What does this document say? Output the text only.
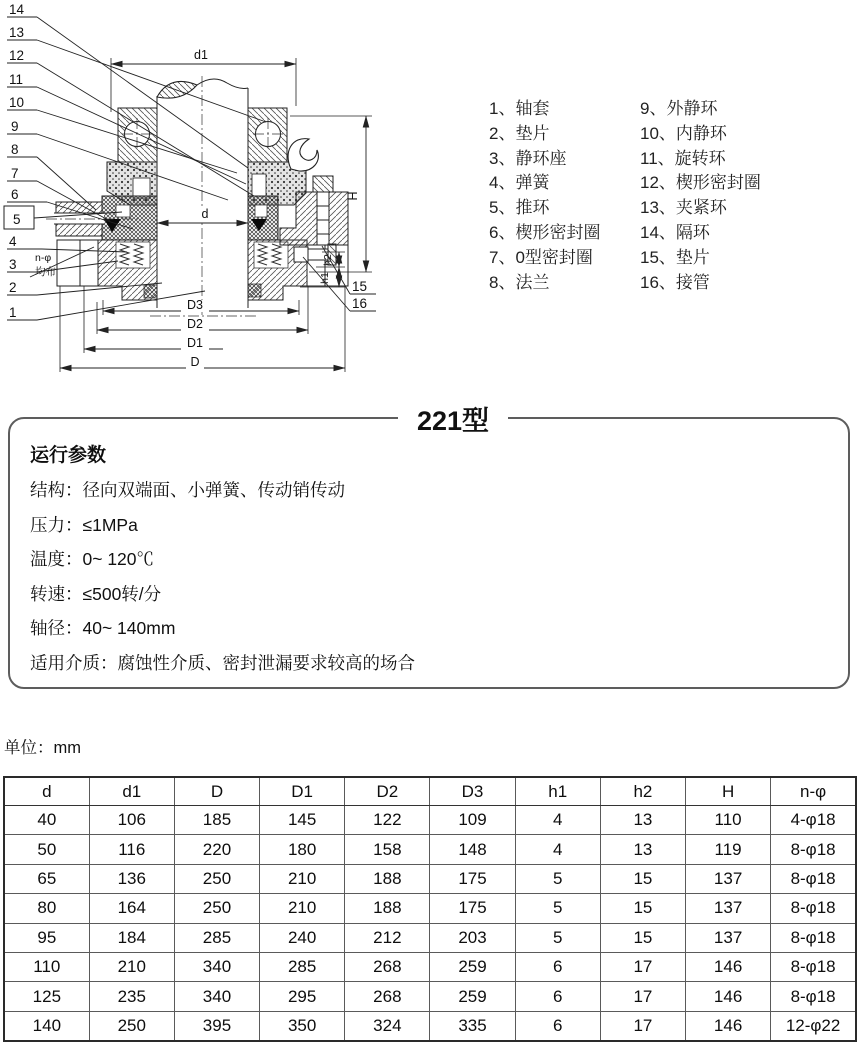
d1
d
H
h2
h1
D3
D2
D1
D
14
13
12
11
10
9
8
7
6
5
4
3
2
1
n-φ
均布
15
16
1、轴套
2、垫片
3、静环座
4、弹簧
5、推环
6、楔形密封圈
7、0型密封圈
8、法兰
9、外静环
10、内静环
11、旋转环
12、楔形密封圈
13、夹紧环
14、隔环
15、垫片
16、接管
221型
运行参数
结构：径向双端面、小弹簧、传动销传动
压力：≤1MPa
温度：0~ 120℃
转速：≤500转/分
轴径：40~ 140mm
适用介质：腐蚀性介质、密封泄漏要求较高的场合
单位：mm
d	d1	D	D1	D2	D3	h1	h2	H	n-φ
40	106	185	145	122	109	4	13	110	4-φ18
50	116	220	180	158	148	4	13	119	8-φ18
65	136	250	210	188	175	5	15	137	8-φ18
80	164	250	210	188	175	5	15	137	8-φ18
95	184	285	240	212	203	5	15	137	8-φ18
110	210	340	285	268	259	6	17	146	8-φ18
125	235	340	295	268	259	6	17	146	8-φ18
140	250	395	350	324	335	6	17	146	12-φ22
